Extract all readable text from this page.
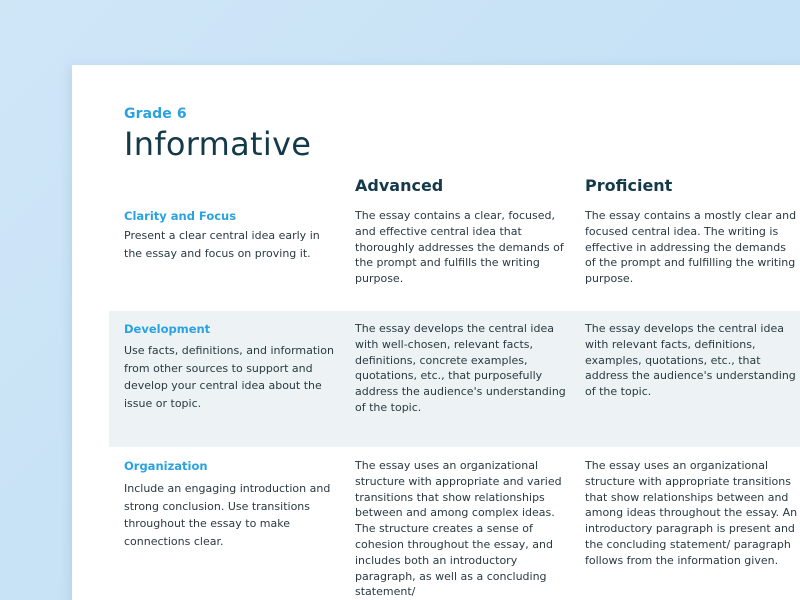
Grade 6
Informative
Advanced	Proficient
Clarity and Focus
Present a clear central idea early in the essay and focus on proving it.
The essay contains a clear, focused, and effective central idea that thoroughly addresses the demands of the prompt and fulfills the writing purpose.
The essay contains a mostly clear and focused central idea. The writing is effective in addressing the demands of the prompt and fulfilling the writing purpose.
Development
Use facts, definitions, and information from other sources to support and develop your central idea about the issue or topic.
The essay develops the central idea with well-chosen, relevant facts, definitions, concrete examples, quotations, etc., that purposefully address the audience's understanding of the topic.
The essay develops the central idea with relevant facts, definitions, examples, quotations, etc., that address the audience's understanding of the topic.
Organization
Include an engaging introduction and strong conclusion. Use transitions throughout the essay to make connections clear.
The essay uses an organizational structure with appropriate and varied transitions that show relationships between and among complex ideas. The structure creates a sense of cohesion throughout the essay, and includes both an introductory paragraph, as well as a concluding statement/
The essay uses an organizational structure with appropriate transitions that show relationships between and among ideas throughout the essay. An introductory paragraph is present and the concluding statement/ paragraph follows from the information given.
